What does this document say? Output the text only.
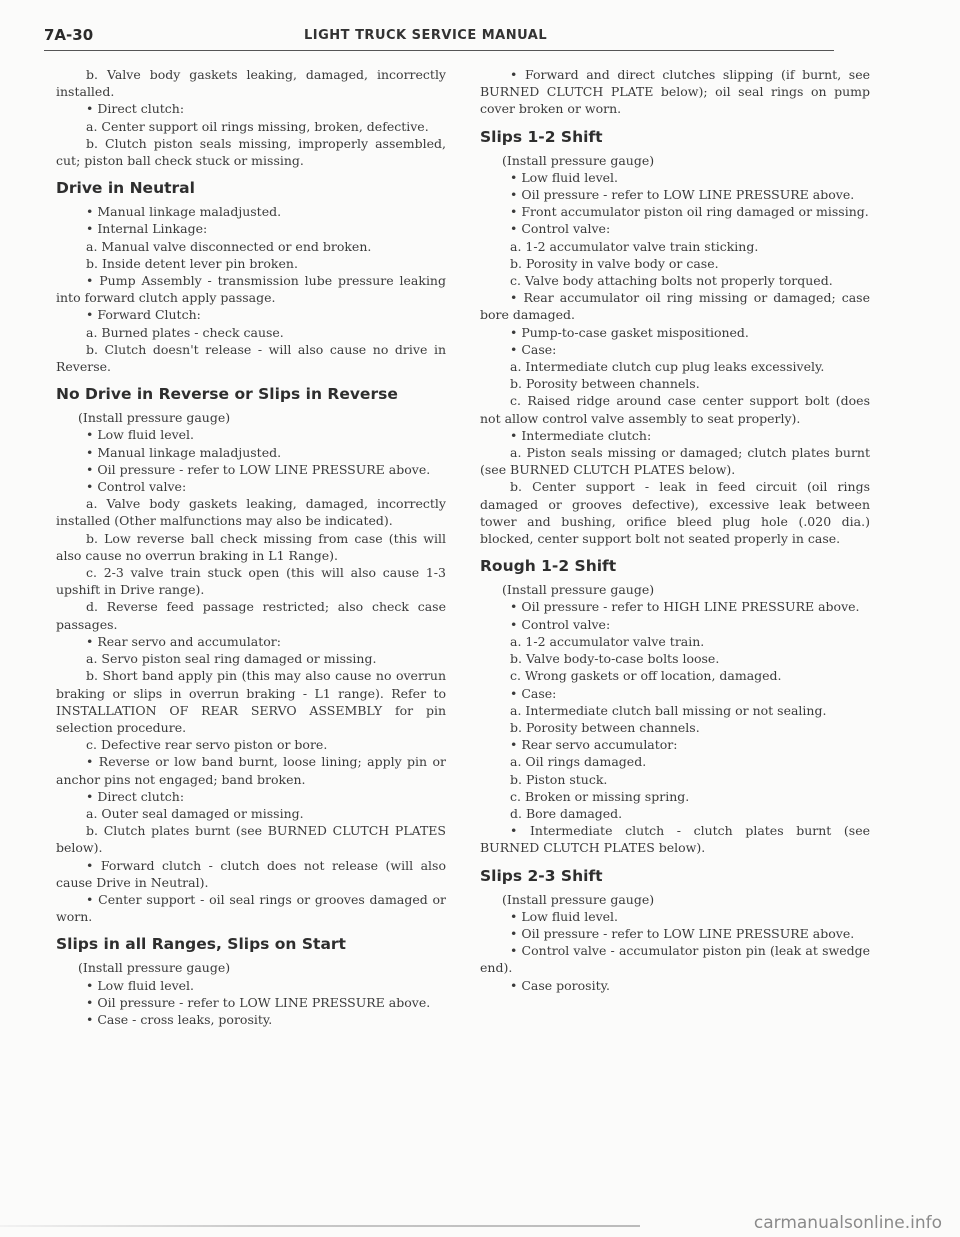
7A-30	LIGHT TRUCK SERVICE MANUAL

b. Valve body gaskets leaking, damaged, incorrectly installed.

• Direct clutch:

a. Center support oil rings missing, broken, defective.

b. Clutch piston seals missing, improperly assembled, cut; piston ball check stuck or missing.

Drive in Neutral

• Manual linkage maladjusted.

• Internal Linkage:

a. Manual valve disconnected or end broken.

b. Inside detent lever pin broken.

• Pump Assembly - transmission lube pressure leaking into forward clutch apply passage.

• Forward Clutch:

a. Burned plates - check cause.

b. Clutch doesn't release - will also cause no drive in Reverse.

No Drive in Reverse or Slips in Reverse

(Install pressure gauge)

• Low fluid level.

• Manual linkage maladjusted.

• Oil pressure - refer to LOW LINE PRESSURE above.

• Control valve:

a. Valve body gaskets leaking, damaged, incorrectly installed (Other malfunctions may also be indicated).

b. Low reverse ball check missing from case (this will also cause no overrun braking in L1 Range).

c. 2-3 valve train stuck open (this will also cause 1-3 upshift in Drive range).

d. Reverse feed passage restricted; also check case passages.

• Rear servo and accumulator:

a. Servo piston seal ring damaged or missing.

b. Short band apply pin (this may also cause no overrun braking or slips in overrun braking - L1 range). Refer to INSTALLATION OF REAR SERVO ASSEMBLY for pin selection procedure.

c. Defective rear servo piston or bore.

• Reverse or low band burnt, loose lining; apply pin or anchor pins not engaged; band broken.

• Direct clutch:

a. Outer seal damaged or missing.

b. Clutch plates burnt (see BURNED CLUTCH PLATES below).

• Forward clutch - clutch does not release (will also cause Drive in Neutral).

• Center support - oil seal rings or grooves damaged or worn.

Slips in all Ranges, Slips on Start

(Install pressure gauge)

• Low fluid level.

• Oil pressure - refer to LOW LINE PRESSURE above.

• Case - cross leaks, porosity.

• Forward and direct clutches slipping (if burnt, see BURNED CLUTCH PLATE below); oil seal rings on pump cover broken or worn.

Slips 1-2 Shift

(Install pressure gauge)

• Low fluid level.

• Oil pressure - refer to LOW LINE PRESSURE above.

• Front accumulator piston oil ring damaged or missing.

• Control valve:

a. 1-2 accumulator valve train sticking.

b. Porosity in valve body or case.

c. Valve body attaching bolts not properly torqued.

• Rear accumulator oil ring missing or damaged; case bore damaged.

• Pump-to-case gasket mispositioned.

• Case:

a. Intermediate clutch cup plug leaks excessively.

b. Porosity between channels.

c. Raised ridge around case center support bolt (does not allow control valve assembly to seat properly).

• Intermediate clutch:

a. Piston seals missing or damaged; clutch plates burnt (see BURNED CLUTCH PLATES below).

b. Center support - leak in feed circuit (oil rings damaged or grooves defective), excessive leak between tower and bushing, orifice bleed plug hole (.020 dia.) blocked, center support bolt not seated properly in case.

Rough 1-2 Shift

(Install pressure gauge)

• Oil pressure - refer to HIGH LINE PRESSURE above.

• Control valve:

a. 1-2 accumulator valve train.

b. Valve body-to-case bolts loose.

c. Wrong gaskets or off location, damaged.

• Case:

a. Intermediate clutch ball missing or not sealing.

b. Porosity between channels.

• Rear servo accumulator:

a. Oil rings damaged.

b. Piston stuck.

c. Broken or missing spring.

d. Bore damaged.

• Intermediate clutch - clutch plates burnt (see BURNED CLUTCH PLATES below).

Slips 2-3 Shift

(Install pressure gauge)

• Low fluid level.

• Oil pressure - refer to LOW LINE PRESSURE above.

• Control valve - accumulator piston pin (leak at swedge end).

• Case porosity.

carmanualsonline.info
